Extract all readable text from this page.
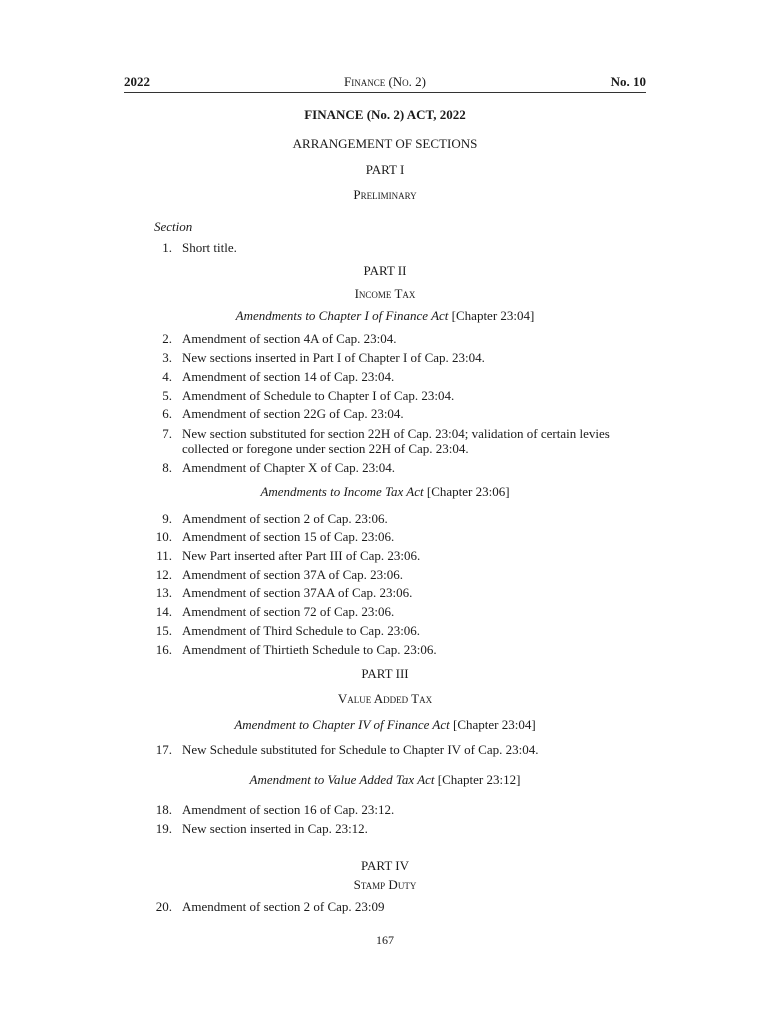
2022	Finance (No. 2)	No. 10
FINANCE (No. 2) ACT, 2022
ARRANGEMENT OF SECTIONS
PART I
Preliminary
Section
1. Short title.
PART II
Income Tax
Amendments to Chapter I of Finance Act [Chapter 23:04]
2. Amendment of section 4A of Cap. 23:04.
3. New sections inserted in Part I of Chapter I of Cap. 23:04.
4. Amendment of section 14 of Cap. 23:04.
5. Amendment of Schedule to Chapter I of Cap. 23:04.
6. Amendment of section 22G of Cap. 23:04.
7. New section substituted for section 22H of Cap. 23:04; validation of certain levies collected or foregone under section 22H of Cap. 23:04.
8. Amendment of Chapter X of Cap. 23:04.
Amendments to Income Tax Act [Chapter 23:06]
9. Amendment of section 2 of Cap. 23:06.
10. Amendment of section 15 of Cap. 23:06.
11. New Part inserted after Part III of Cap. 23:06.
12. Amendment of section 37A of Cap. 23:06.
13. Amendment of section 37AA of Cap. 23:06.
14. Amendment of section 72 of Cap. 23:06.
15. Amendment of Third Schedule to Cap. 23:06.
16. Amendment of Thirtieth Schedule to Cap. 23:06.
PART III
Value Added Tax
Amendment to Chapter IV of Finance Act [Chapter 23:04]
17. New Schedule substituted for Schedule to Chapter IV of Cap. 23:04.
Amendment to Value Added Tax Act [Chapter 23:12]
18. Amendment of section 16 of Cap. 23:12.
19. New section inserted in Cap. 23:12.
PART IV
Stamp Duty
20. Amendment of section 2 of Cap. 23:09
167
